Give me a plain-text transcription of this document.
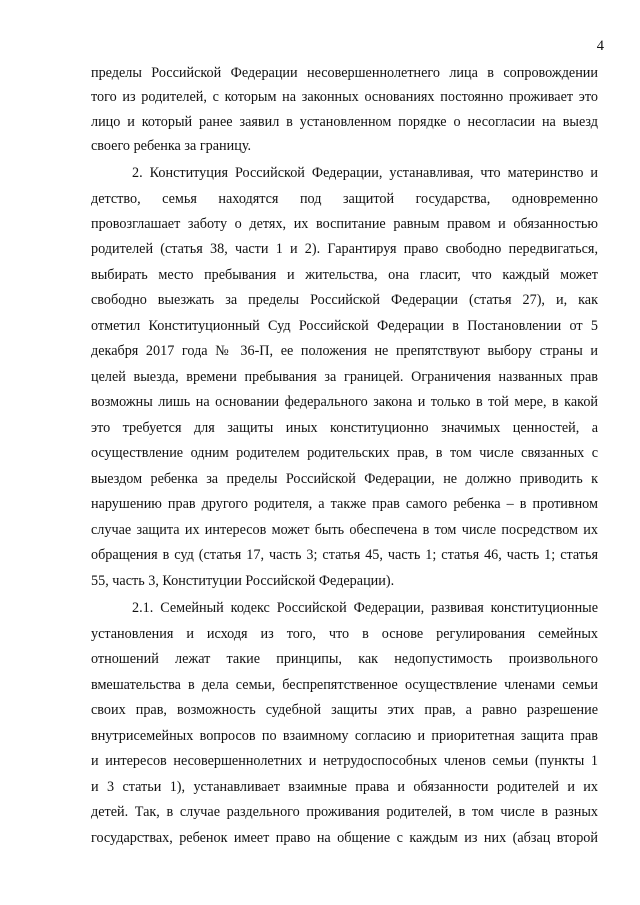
4
пределы Российской Федерации несовершеннолетнего лица в сопровождении
того из родителей, с которым на законных основаниях постоянно проживает это
лицо и который ранее заявил в установленном порядке о несогласии на выезд
своего ребенка за границу.
2. Конституция Российской Федерации, устанавливая, что материнство и
детство, семья находятся под защитой государства, одновременно
провозглашает заботу о детях, их воспитание равным правом и обязанностью
родителей (статья 38, части 1 и 2). Гарантируя право свободно передвигаться,
выбирать место пребывания и жительства, она гласит, что каждый может
свободно выезжать за пределы Российской Федерации (статья 27), и, как
отметил Конституционный Суд Российской Федерации в Постановлении от 5
декабря 2017 года № 36-П, ее положения не препятствуют выбору страны и
целей выезда, времени пребывания за границей. Ограничения названных прав
возможны лишь на основании федерального закона и только в той мере, в какой
это требуется для защиты иных конституционно значимых ценностей, а
осуществление одним родителем родительских прав, в том числе связанных с
выездом ребенка за пределы Российской Федерации, не должно приводить к
нарушению прав другого родителя, а также прав самого ребенка – в противном
случае защита их интересов может быть обеспечена в том числе посредством их
обращения в суд (статья 17, часть 3; статья 45, часть 1; статья 46, часть 1; статья
55, часть 3, Конституции Российской Федерации).
2.1. Семейный кодекс Российской Федерации, развивая конституционные
установления и исходя из того, что в основе регулирования семейных
отношений лежат такие принципы, как недопустимость произвольного
вмешательства в дела семьи, беспрепятственное осуществление членами семьи
своих прав, возможность судебной защиты этих прав, а равно разрешение
внутрисемейных вопросов по взаимному согласию и приоритетная защита прав
и интересов несовершеннолетних и нетрудоспособных членов семьи (пункты 1
и 3 статьи 1), устанавливает взаимные права и обязанности родителей и их
детей. Так, в случае раздельного проживания родителей, в том числе в разных
государствах, ребенок имеет право на общение с каждым из них (абзац второй
